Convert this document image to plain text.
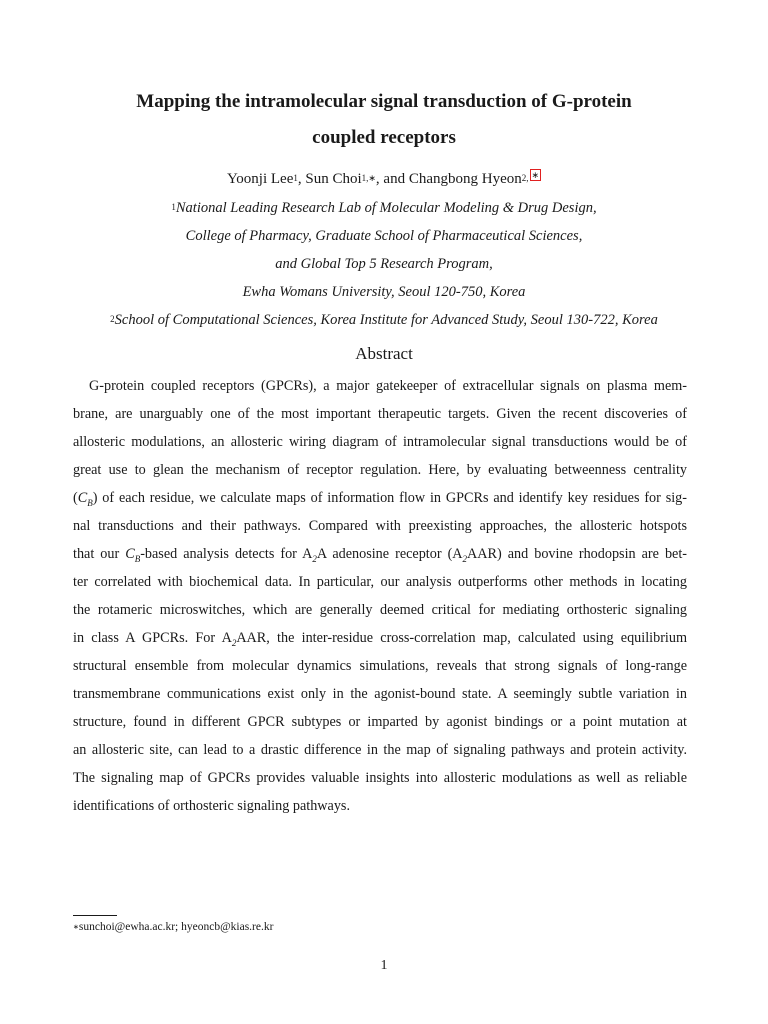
Mapping the intramolecular signal transduction of G-protein
coupled receptors
Yoonji Lee$^1$, Sun Choi$^{1,∗}$, and Changbong Hyeon$^{2,}$ ∗
$^1$National Leading Research Lab of Molecular Modeling & Drug Design,
College of Pharmacy, Graduate School of Pharmaceutical Sciences,
and Global Top 5 Research Program,
Ewha Womans University, Seoul 120-750, Korea
$^2$School of Computational Sciences, Korea Institute for Advanced Study, Seoul 130-722, Korea
Abstract
G-protein coupled receptors (GPCRs), a major gatekeeper of extracellular signals on plasma mem-
brane, are unarguably one of the most important therapeutic targets. Given the recent discoveries of
allosteric modulations, an allosteric wiring diagram of intramolecular signal transductions would be of
great use to glean the mechanism of receptor regulation. Here, by evaluating betweenness centrality
$(C_B)$ of each residue, we calculate maps of information flow in GPCRs and identify key residues for sig-
nal transductions and their pathways. Compared with preexisting approaches, the allosteric hotspots
that our $C_B$-based analysis detects for $A_2A$ adenosine receptor $(A_2AAR)$ and bovine rhodopsin are bet-
ter correlated with biochemical data. In particular, our analysis outperforms other methods in locating
the rotameric microswitches, which are generally deemed critical for mediating orthosteric signaling
in class A GPCRs. For $A_2AAR$, the inter-residue cross-correlation map, calculated using equilibrium
structural ensemble from molecular dynamics simulations, reveals that strong signals of long-range
transmembrane communications exist only in the agonist-bound state. A seemingly subtle variation in
structure, found in different GPCR subtypes or imparted by agonist bindings or a point mutation at
an allosteric site, can lead to a drastic difference in the map of signaling pathways and protein activity.
The signaling map of GPCRs provides valuable insights into allosteric modulations as well as reliable
identifications of orthosteric signaling pathways.
∗sunchoi@ewha.ac.kr; hyeoncb@kias.re.kr
1
